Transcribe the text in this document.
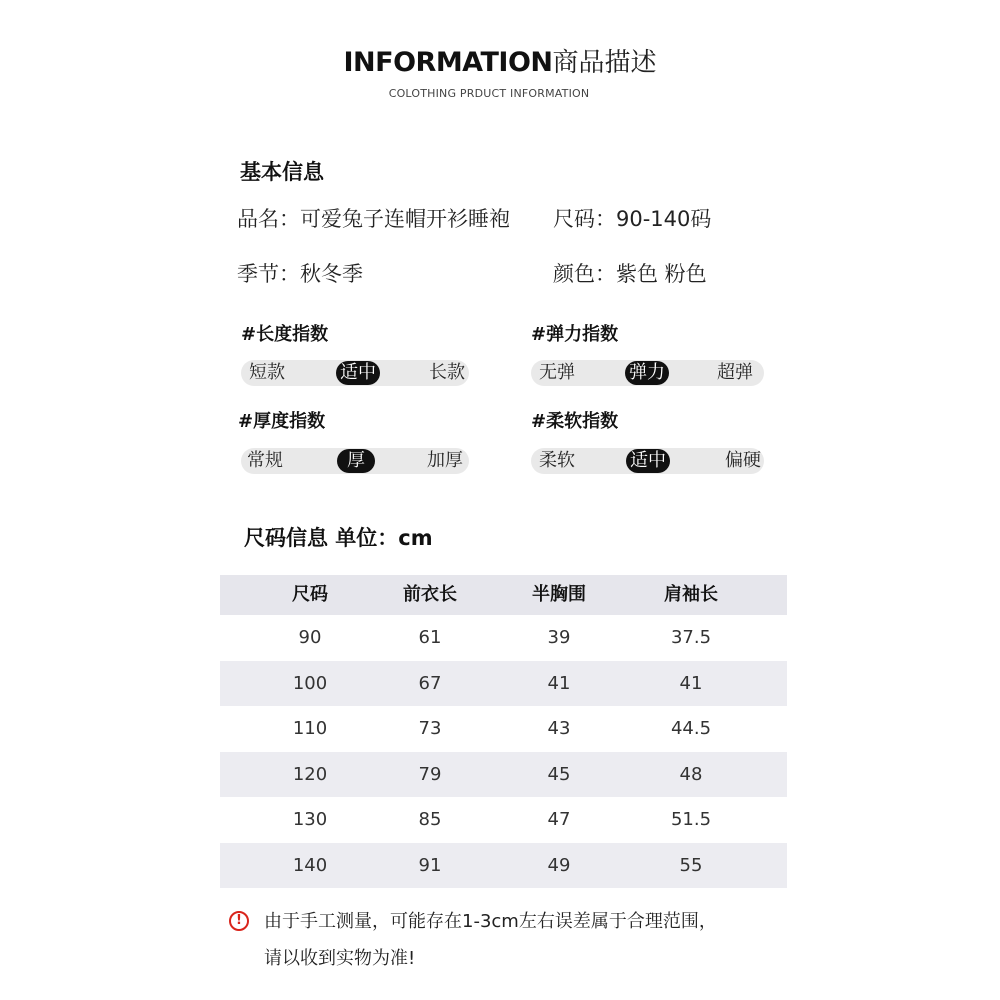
INFORMATION商品描述
COLOTHING PRDUCT INFORMATION
基本信息
品名：可爱兔子连帽开衫睡袍 尺码：90-140码
季节：秋冬季	颜色：紫色 粉色
#长度指数
短款	适中	长款
#弹力指数
无弹	弹力	超弹
#厚度指数
常规	厚	加厚
#柔软指数
柔软	适中	偏硬
尺码信息 单位：cm
尺码	前衣长	半胸围	肩袖长
90	61	39	37.5
100	67	41	41
110	73	43	44.5
120	79	45	48
130	85	47	51.5
140	91	49	55
!	由于手工测量，可能存在1-3cm左右误差属于合理范围，
请以收到实物为准!
